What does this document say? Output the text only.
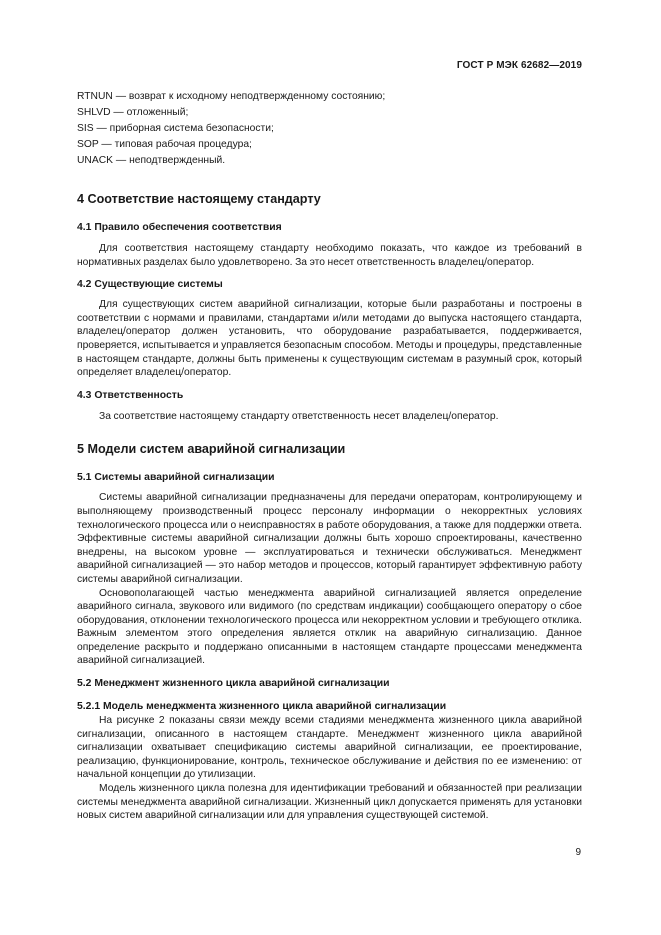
ГОСТ Р МЭК 62682—2019

RTNUN — возврат к исходному неподтвержденному состоянию;

SHLVD — отложенный;

SIS — приборная система безопасности;

SOP — типовая рабочая процедура;

UNACK — неподтвержденный.

4 Соответствие настоящему стандарту
4.1 Правило обеспечения соответствия

Для соответствия настоящему стандарту необходимо показать, что каждое из требований в нормативных разделах было удовлетворено. За это несет ответственность владелец/оператор.

4.2 Существующие системы

Для существующих систем аварийной сигнализации, которые были разработаны и построены в соответствии с нормами и правилами, стандартами и/или методами до выпуска настоящего стандарта, владелец/оператор должен установить, что оборудование разрабатывается, поддерживается, проверяется, испытывается и управляется безопасным способом. Методы и процедуры, представленные в настоящем стандарте, должны быть применены к существующим системам в разумный срок, который определяет владелец/оператор.

4.3 Ответственность

За соответствие настоящему стандарту ответственность несет владелец/оператор.

5 Модели систем аварийной сигнализации
5.1 Системы аварийной сигнализации

Системы аварийной сигнализации предназначены для передачи операторам, контролирующему и выполняющему производственный процесс персоналу информации о некорректных условиях технологического процесса или о неисправностях в работе оборудования, а также для поддержки ответа. Эффективные системы аварийной сигнализации должны быть хорошо спроектированы, качественно внедрены, на высоком уровне — эксплуатироваться и технически обслуживаться. Менеджмент аварийной сигнализацией — это набор методов и процессов, который гарантирует эффективную работу системы аварийной сигнализации.

Основополагающей частью менеджмента аварийной сигнализацией является определение аварийного сигнала, звукового или видимого (по средствам индикации) сообщающего оператору о сбое оборудования, отклонении технологического процесса или некорректном условии и требующего отклика. Важным элементом этого определения является отклик на аварийную сигнализацию. Данное определение раскрыто и поддержано описанными в настоящем стандарте процессами менеджмента аварийной сигнализацией.

5.2 Менеджмент жизненного цикла аварийной сигнализации
5.2.1 Модель менеджмента жизненного цикла аварийной сигнализации

На рисунке 2 показаны связи между всеми стадиями менеджмента жизненного цикла аварийной сигнализации, описанного в настоящем стандарте. Менеджмент жизненного цикла аварийной сигнализации охватывает спецификацию системы аварийной сигнализации, ее проектирование, реализацию, функционирование, контроль, техническое обслуживание и действия по ее изменению: от начальной концепции до утилизации.

Модель жизненного цикла полезна для идентификации требований и обязанностей при реализации системы менеджмента аварийной сигнализации. Жизненный цикл допускается применять для установки новых систем аварийной сигнализации или для управления существующей системой.

9
